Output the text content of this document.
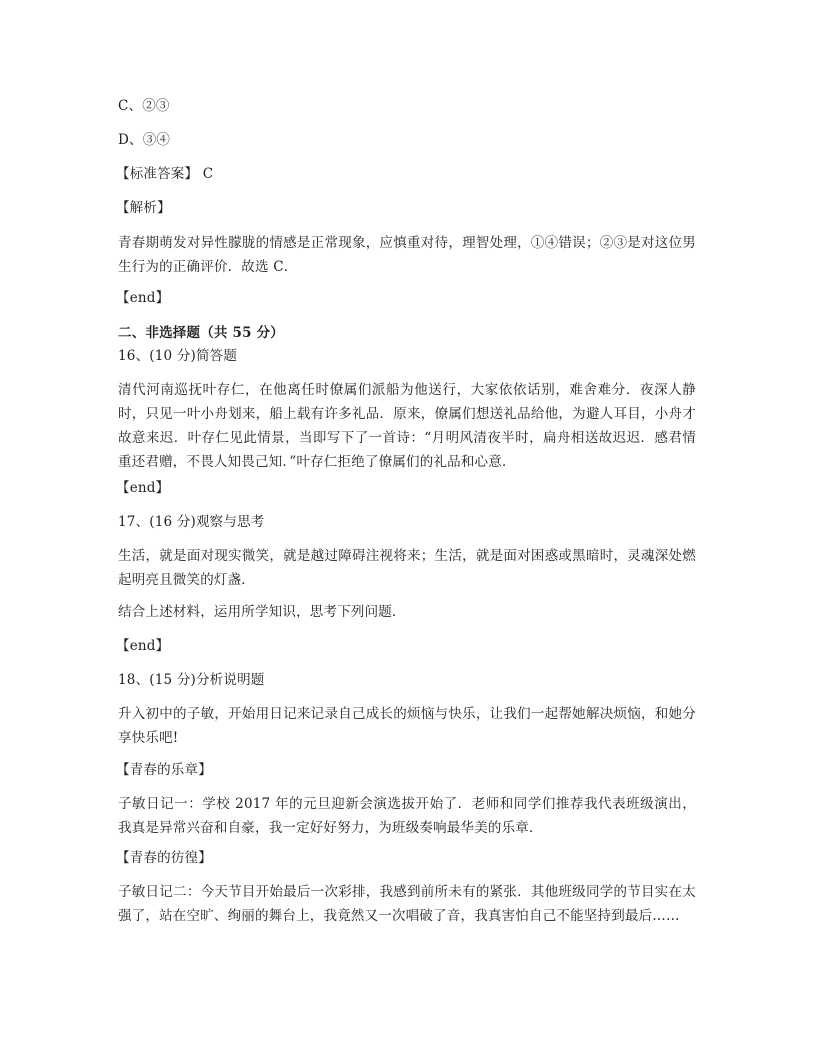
C、②③
D、③④
【标准答案】 C
【解析】
青春期萌发对异性朦胧的情感是正常现象，应慎重对待，理智处理，①④错误；②③是对这位男生行为的正确评价．故选 C．
【end】
二、非选择题（共 55 分）
16、(10 分)简答题
清代河南巡抚叶存仁，在他离任时僚属们派船为他送行，大家依依话别，难舍难分．夜深人静时，只见一叶小舟划来，船上载有许多礼品．原来，僚属们想送礼品给他，为避人耳目，小舟才故意来迟．叶存仁见此情景，当即写下了一首诗：“月明风清夜半时，扁舟相送故迟迟．感君情重还君赠，不畏人知畏己知．”叶存仁拒绝了僚属们的礼品和心意．
【end】
17、(16 分)观察与思考
生活，就是面对现实微笑，就是越过障碍注视将来；生活，就是面对困惑或黑暗时，灵魂深处燃起明亮且微笑的灯盏．
结合上述材料，运用所学知识，思考下列问题．
【end】
18、(15 分)分析说明题
升入初中的子敏，开始用日记来记录自己成长的烦恼与快乐，让我们一起帮她解决烦恼，和她分享快乐吧!
【青春的乐章】
子敏日记一：学校 2017 年的元旦迎新会演选拔开始了．老师和同学们推荐我代表班级演出，我真是异常兴奋和自豪，我一定好好努力，为班级奏响最华美的乐章．
【青春的彷徨】
子敏日记二：今天节目开始最后一次彩排，我感到前所未有的紧张．其他班级同学的节目实在太强了，站在空旷、绚丽的舞台上，我竟然又一次唱破了音，我真害怕自己不能坚持到最后……
